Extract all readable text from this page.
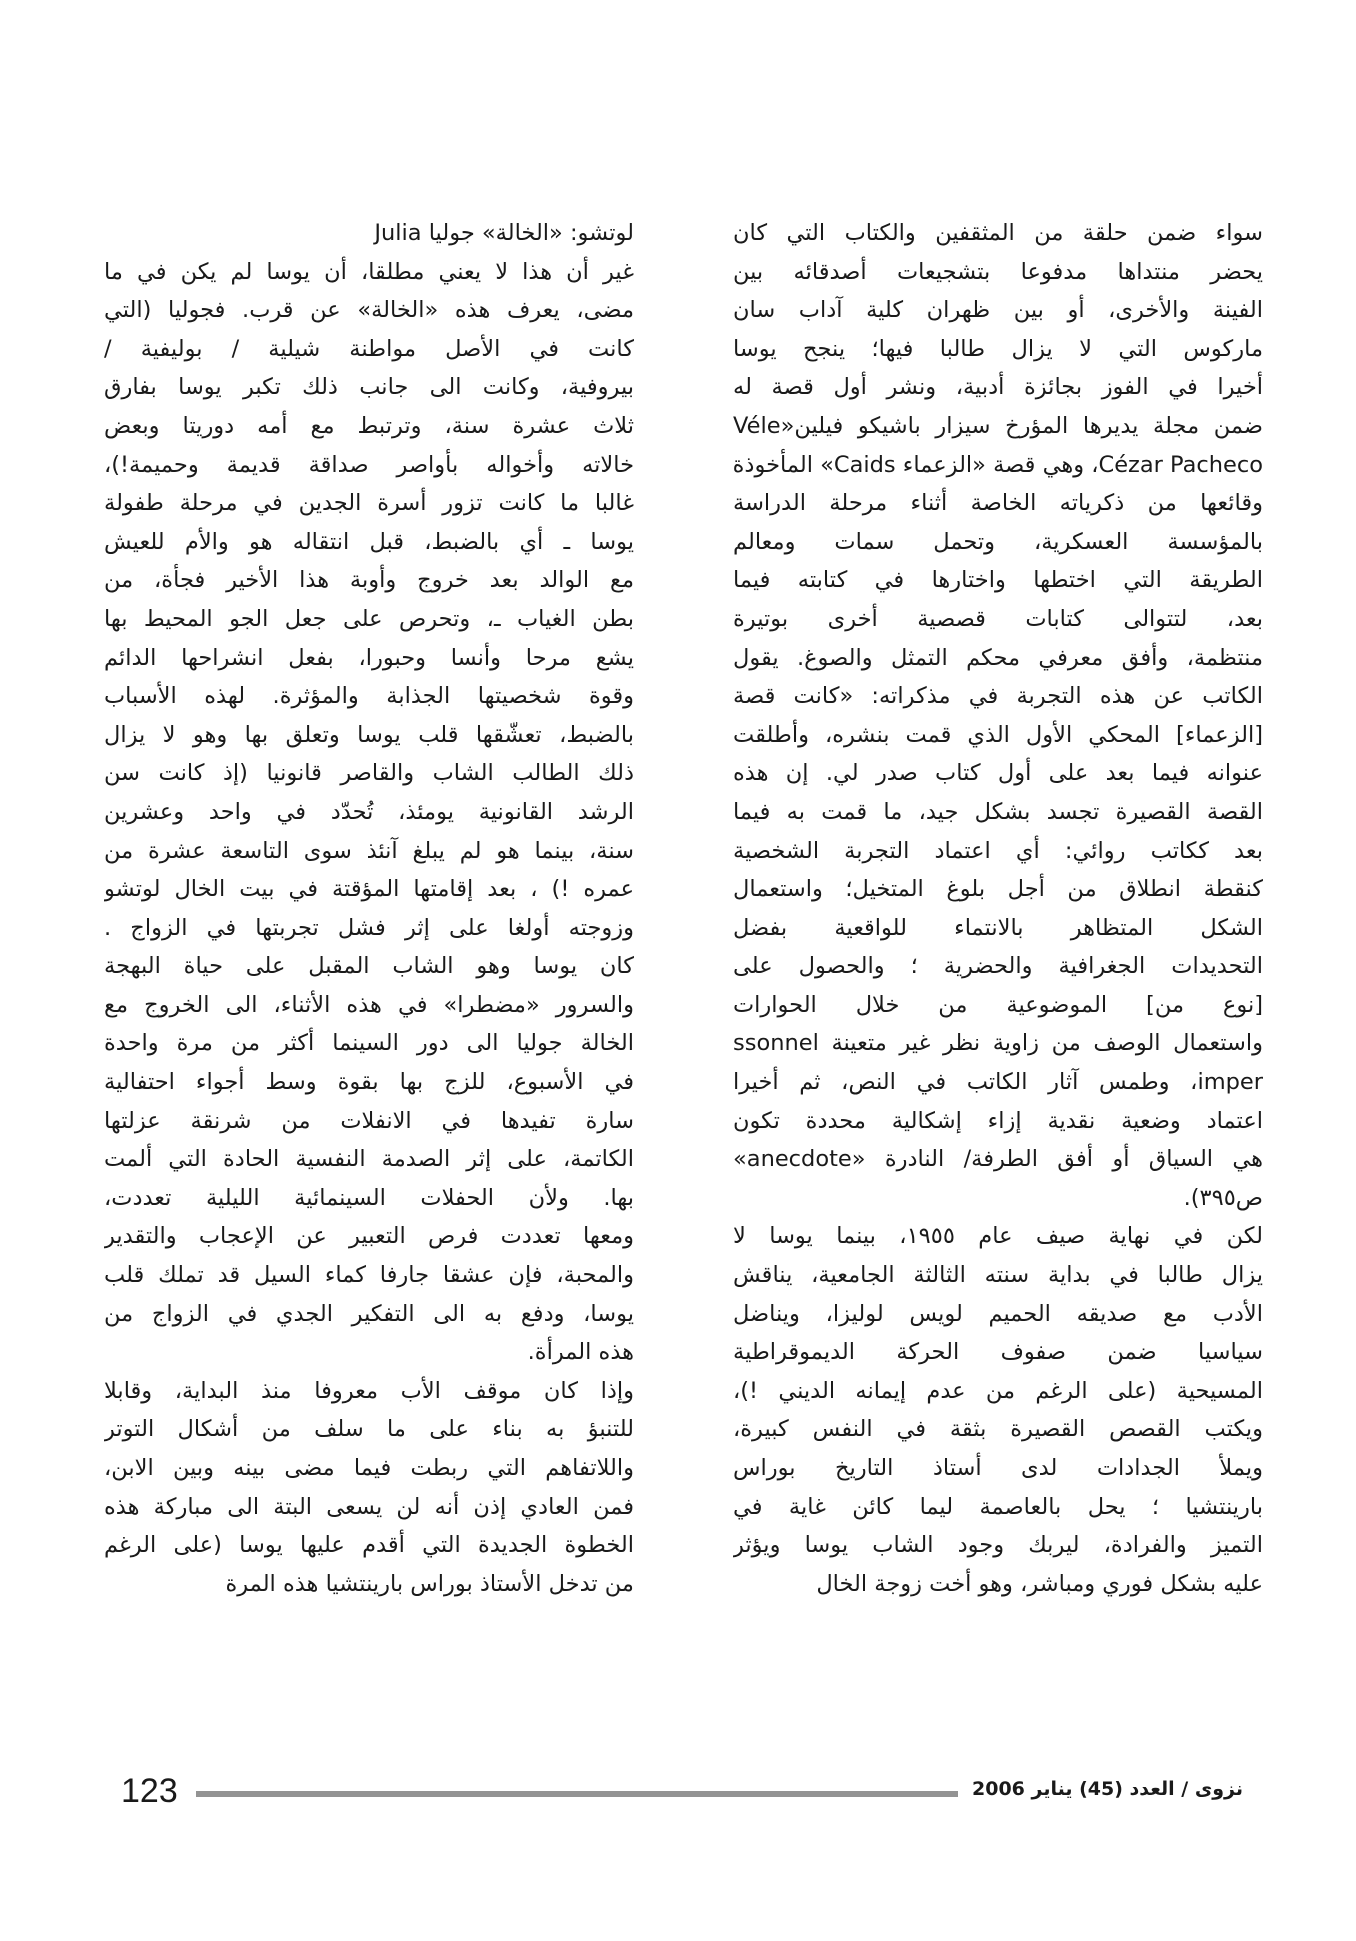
سواء ضمن حلقة من المثقفين والكتاب التي كان
يحضر منتداها مدفوعا بتشجيعات أصدقائه بين
الفينة والأخرى، أو بين ظهران كلية آداب سان
ماركوس التي لا يزال طالبا فيها؛ ينجح يوسا
أخيرا في الفوز بجائزة أدبية، ونشر أول قصة له
ضمن مجلة يديرها المؤرخ سيزار باشيكو فيلين«Véle
Cézar Pacheco، وهي قصة «الزعماء Caids» المأخوذة
وقائعها من ذكرياته الخاصة أثناء مرحلة الدراسة
بالمؤسسة العسكرية، وتحمل سمات ومعالم
الطريقة التي اختطها واختارها في كتابته فيما
بعد، لتتوالى كتابات قصصية أخرى بوتيرة
منتظمة، وأفق معرفي محكم التمثل والصوغ. يقول
الكاتب عن هذه التجربة في مذكراته: «كانت قصة
[الزعماء] المحكي الأول الذي قمت بنشره، وأطلقت
عنوانه فيما بعد على أول كتاب صدر لي. إن هذه
القصة القصيرة تجسد بشكل جيد، ما قمت به فيما
بعد ككاتب روائي: أي اعتماد التجربة الشخصية
كنقطة انطلاق من أجل بلوغ المتخيل؛ واستعمال
الشكل المتظاهر بالانتماء للواقعية بفضل
التحديدات الجغرافية والحضرية ؛ والحصول على
[نوع من] الموضوعية من خلال الحوارات
واستعمال الوصف من زاوية نظر غير متعينة ssonnel
imper، وطمس آثار الكاتب في النص، ثم أخيرا
اعتماد وضعية نقدية إزاء إشكالية محددة تكون
هي السياق أو أفق الطرفة/ النادرة «anecdote»
ص٣٩٥).
لكن في نهاية صيف عام ١٩٥٥، بينما يوسا لا
يزال طالبا في بداية سنته الثالثة الجامعية، يناقش
الأدب مع صديقه الحميم لويس لوليزا، ويناضل
سياسيا ضمن صفوف الحركة الديموقراطية
المسيحية (على الرغم من عدم إيمانه الديني !)،
ويكتب القصص القصيرة بثقة في النفس كبيرة،
ويملأ الجدادات لدى أستاذ التاريخ بوراس
بارينتشيا ؛ يحل بالعاصمة ليما كائن غاية في
التميز والفرادة، ليربك وجود الشاب يوسا ويؤثر
عليه بشكل فوري ومباشر، وهو أخت زوجة الخال
لوتشو: «الخالة» جوليا Julia
غير أن هذا لا يعني مطلقا، أن يوسا لم يكن في ما
مضى، يعرف هذه «الخالة» عن قرب. فجوليا (التي
كانت في الأصل مواطنة شيلية / بوليفية /
بيروفية، وكانت الى جانب ذلك تكبر يوسا بفارق
ثلاث عشرة سنة، وترتبط مع أمه دوريتا وبعض
خالاته وأخواله بأواصر صداقة قديمة وحميمة!)،
غالبا ما كانت تزور أسرة الجدين في مرحلة طفولة
يوسا ـ أي بالضبط، قبل انتقاله هو والأم للعيش
مع الوالد بعد خروج وأوبة هذا الأخير فجأة، من
بطن الغياب ـ، وتحرص على جعل الجو المحيط بها
يشع مرحا وأنسا وحبورا، بفعل انشراحها الدائم
وقوة شخصيتها الجذابة والمؤثرة. لهذه الأسباب
بالضبط، تعشّقها قلب يوسا وتعلق بها وهو لا يزال
ذلك الطالب الشاب والقاصر قانونيا (إذ كانت سن
الرشد القانونية يومئذ، تُحدّد في واحد وعشرين
سنة، بينما هو لم يبلغ آنئذ سوى التاسعة عشرة من
عمره !) ، بعد إقامتها المؤقتة في بيت الخال لوتشو
وزوجته أولغا على إثر فشل تجربتها في الزواج .
كان يوسا وهو الشاب المقبل على حياة البهجة
والسرور «مضطرا» في هذه الأثناء، الى الخروج مع
الخالة جوليا الى دور السينما أكثر من مرة واحدة
في الأسبوع، للزج بها بقوة وسط أجواء احتفالية
سارة تفيدها في الانفلات من شرنقة عزلتها
الكاتمة، على إثر الصدمة النفسية الحادة التي ألمت
بها. ولأن الحفلات السينمائية الليلية تعددت،
ومعها تعددت فرص التعبير عن الإعجاب والتقدير
والمحبة، فإن عشقا جارفا كماء السيل قد تملك قلب
يوسا، ودفع به الى التفكير الجدي في الزواج من
هذه المرأة.
وإذا كان موقف الأب معروفا منذ البداية، وقابلا
للتنبؤ به بناء على ما سلف من أشكال التوتر
واللاتفاهم التي ربطت فيما مضى بينه وبين الابن،
فمن العادي إذن أنه لن يسعى البتة الى مباركة هذه
الخطوة الجديدة التي أقدم عليها يوسا (على الرغم
من تدخل الأستاذ بوراس بارينتشيا هذه المرة
123	نزوى / العدد (45) يناير 2006
